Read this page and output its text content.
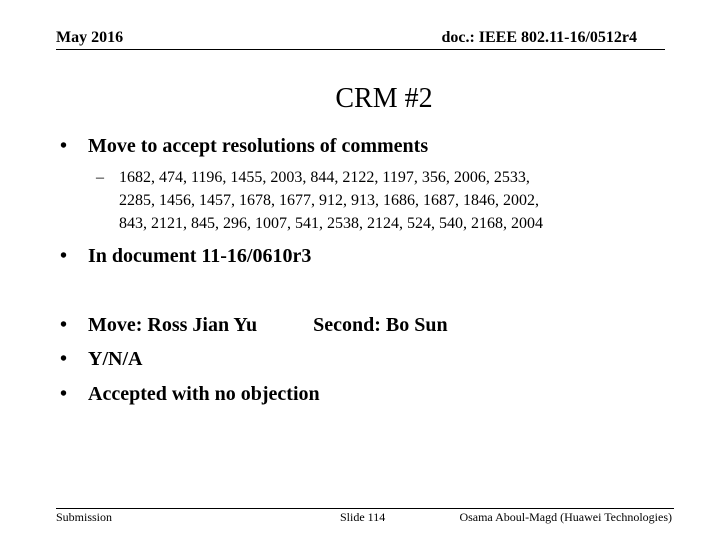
May 2016	doc.: IEEE 802.11-16/0512r4
CRM #2
• Move to accept resolutions of comments
– 1682, 474, 1196, 1455, 2003, 844, 2122, 1197, 356, 2006, 2533,
2285, 1456, 1457, 1678, 1677, 912, 913, 1686, 1687, 1846, 2002,
843, 2121, 845, 296, 1007, 541, 2538, 2124, 524, 540, 2168, 2004
• In document 11-16/0610r3
• Move: Ross Jian Yu	Second: Bo Sun
• Y/N/A
• Accepted with no objection
Submission	Slide 114	Osama Aboul-Magd (Huawei Technologies)
